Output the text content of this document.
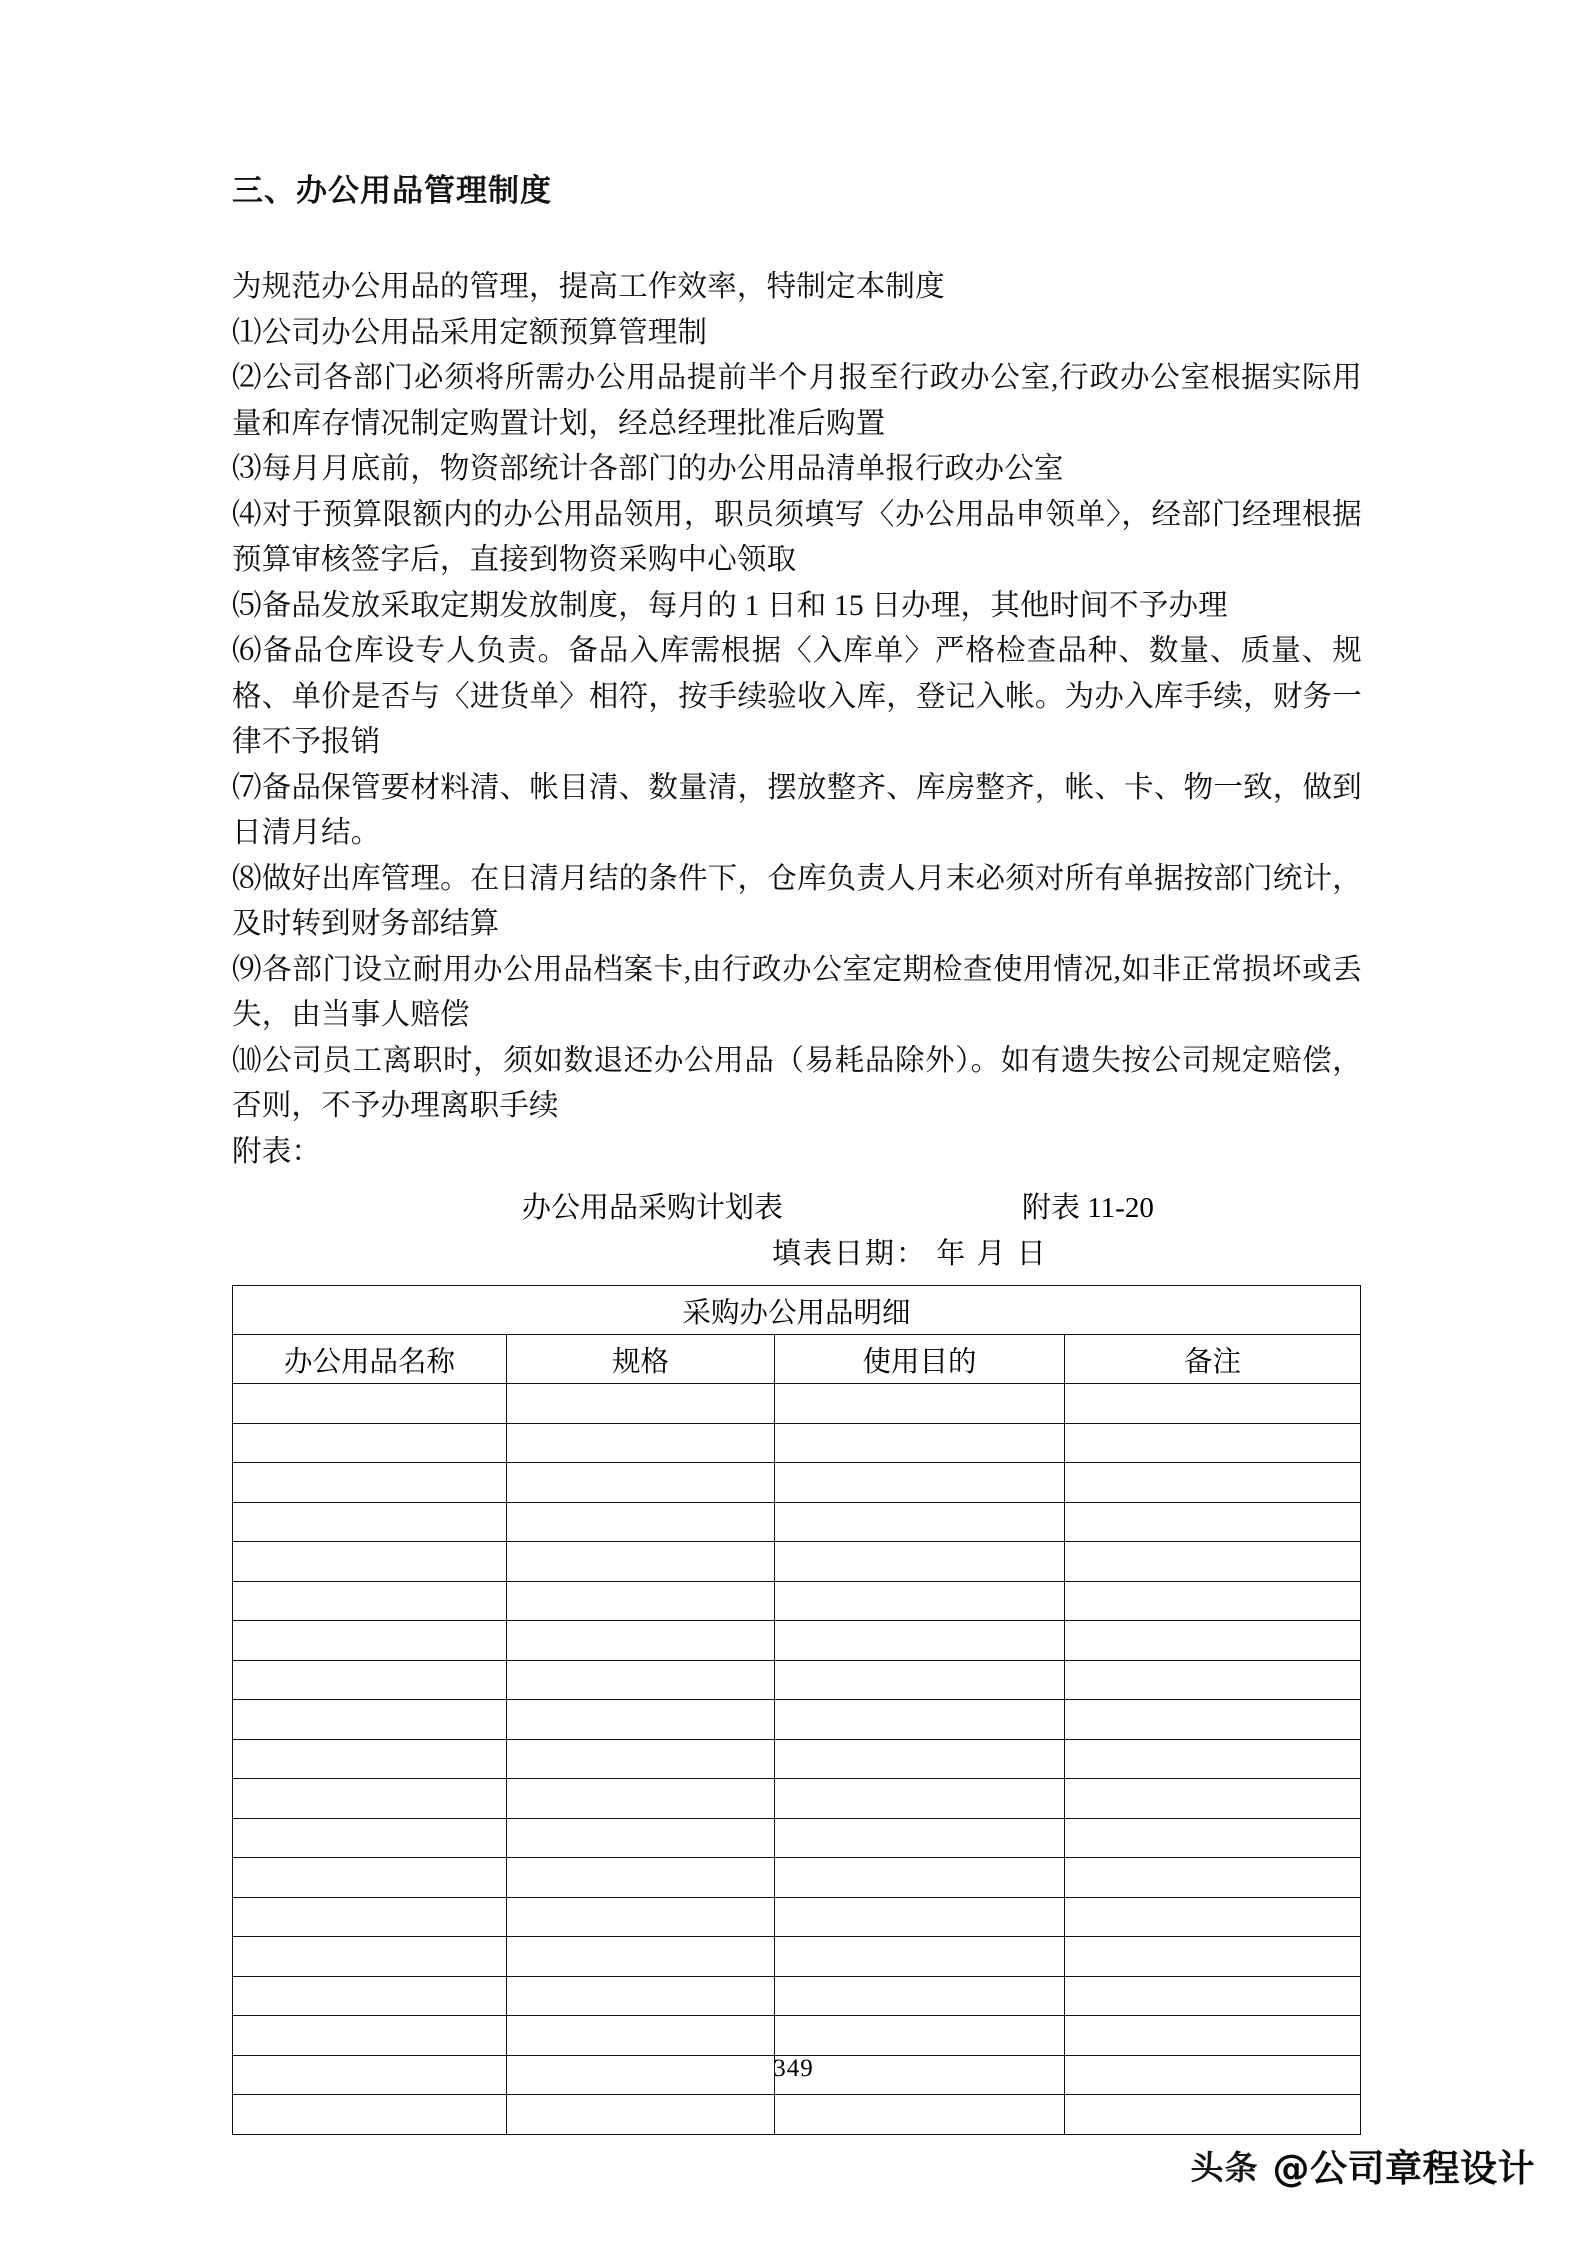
三、办公用品管理制度

为规范办公用品的管理，提高工作效率，特制定本制度

⑴公司办公用品采用定额预算管理制

⑵公司各部门必须将所需办公用品提前半个月报至行政办公室,行政办公室根据实际用量和库存情况制定购置计划，经总经理批准后购置

⑶每月月底前，物资部统计各部门的办公用品清单报行政办公室

⑷对于预算限额内的办公用品领用，职员须填写〈办公用品申领单〉，经部门经理根据预算审核签字后，直接到物资采购中心领取

⑸备品发放采取定期发放制度，每月的 1 日和 15 日办理，其他时间不予办理

⑹备品仓库设专人负责。备品入库需根据〈入库单〉严格检查品种、数量、质量、规格、单价是否与〈进货单〉相符，按手续验收入库，登记入帐。为办入库手续，财务一律不予报销

⑺备品保管要材料清、帐目清、数量清，摆放整齐、库房整齐，帐、卡、物一致，做到日清月结。

⑻做好出库管理。在日清月结的条件下，仓库负责人月末必须对所有单据按部门统计，及时转到财务部结算

⑼各部门设立耐用办公用品档案卡,由行政办公室定期检查使用情况,如非正常损坏或丢失，由当事人赔偿

⑽公司员工离职时，须如数退还办公用品（易耗品除外）。如有遗失按公司规定赔偿，否则，不予办理离职手续

附表：

办公用品采购计划表	附表 11-20
填表日期： 年 月 日
采购办公用品明细			
办公用品名称	规格	使用目的	备注

349
头条 @公司章程设计
